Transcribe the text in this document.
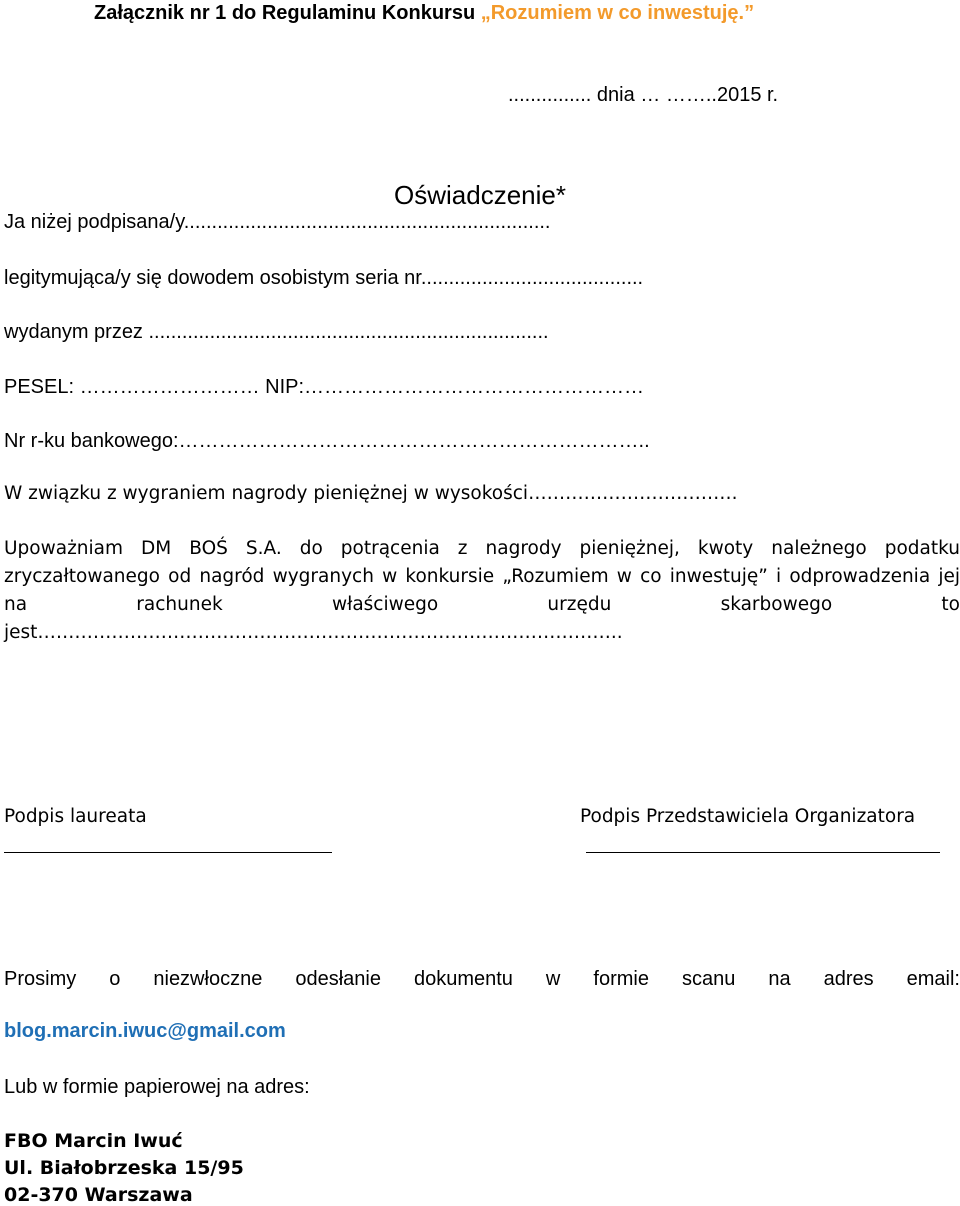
Załącznik nr 1 do Regulaminu Konkursu „Rozumiem w co inwestuję.”
............... dnia … ……..2015 r.
Oświadczenie*
Ja niżej podpisana/y..................................................................
legitymująca/y się dowodem osobistym seria nr........................................
wydanym przez ........................................................................
PESEL: ……………………… NIP:……………………………………………
Nr r-ku bankowego:……………………………………………………………..
W związku z wygraniem nagrody pieniężnej w wysokości…………………………….
Upoważniam DM BOŚ S.A. do potrącenia z nagrody pieniężnej, kwoty należnego podatku zryczałtowanego od nagród wygranych w konkursie „Rozumiem w co inwestuję” i odprowadzenia jej na rachunek właściwego urzędu skarbowego to jest…………………………………………………………………………………..
Podpis laureata	Podpis Przedstawiciela Organizatora
Prosimy o niezwłoczne odesłanie dokumentu w formie scanu na adres email:
blog.marcin.iwuc@gmail.com
Lub w formie papierowej na adres:
FBO Marcin Iwuć
Ul. Białobrzeska 15/95
02-370 Warszawa
